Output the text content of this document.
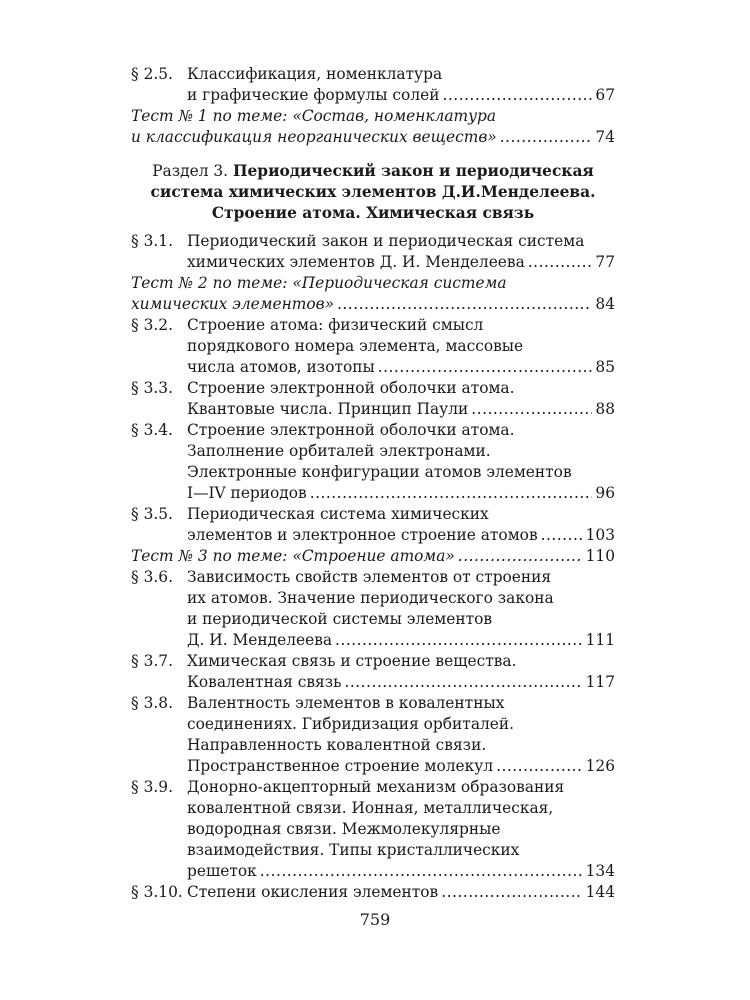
§ 2.5. Классификация, номенклатура
и графические формулы солей .....	67
Тест № 1 по теме: «Состав, номенклатура
и классификация неорганических веществ» .....	74
Раздел 3. Периодический закон и периодическая
система химических элементов Д.И.Менделеева.
Строение атома. Химическая связь
§ 3.1. Периодический закон и периодическая система
химических элементов Д. И. Менделеева .....	77
Тест № 2 по теме: «Периодическая система
химических элементов» .....	84
§ 3.2. Строение атома: физический смысл
порядкового номера элемента, массовые
числа атомов, изотопы .....	85
§ 3.3. Строение электронной оболочки атома.
Квантовые числа. Принцип Паули .....	88
§ 3.4. Строение электронной оболочки атома.
Заполнение орбиталей электронами.
Электронные конфигурации атомов элементов
I—IV периодов .....	96
§ 3.5. Периодическая система химических
элементов и электронное строение атомов .....	103
Тест № 3 по теме: «Строение атома» .....	110
§ 3.6. Зависимость свойств элементов от строения
их атомов. Значение периодического закона
и периодической системы элементов
Д. И. Менделеева .....	111
§ 3.7. Химическая связь и строение вещества.
Ковалентная связь .....	117
§ 3.8. Валентность элементов в ковалентных
соединениях. Гибридизация орбиталей.
Направленность ковалентной связи.
Пространственное строение молекул .....	126
§ 3.9. Донорно-акцепторный механизм образования
ковалентной связи. Ионная, металлическая,
водородная связи. Межмолекулярные
взаимодействия. Типы кристаллических
решеток .....	134
§ 3.10. Степени окисления элементов .....	144
759
